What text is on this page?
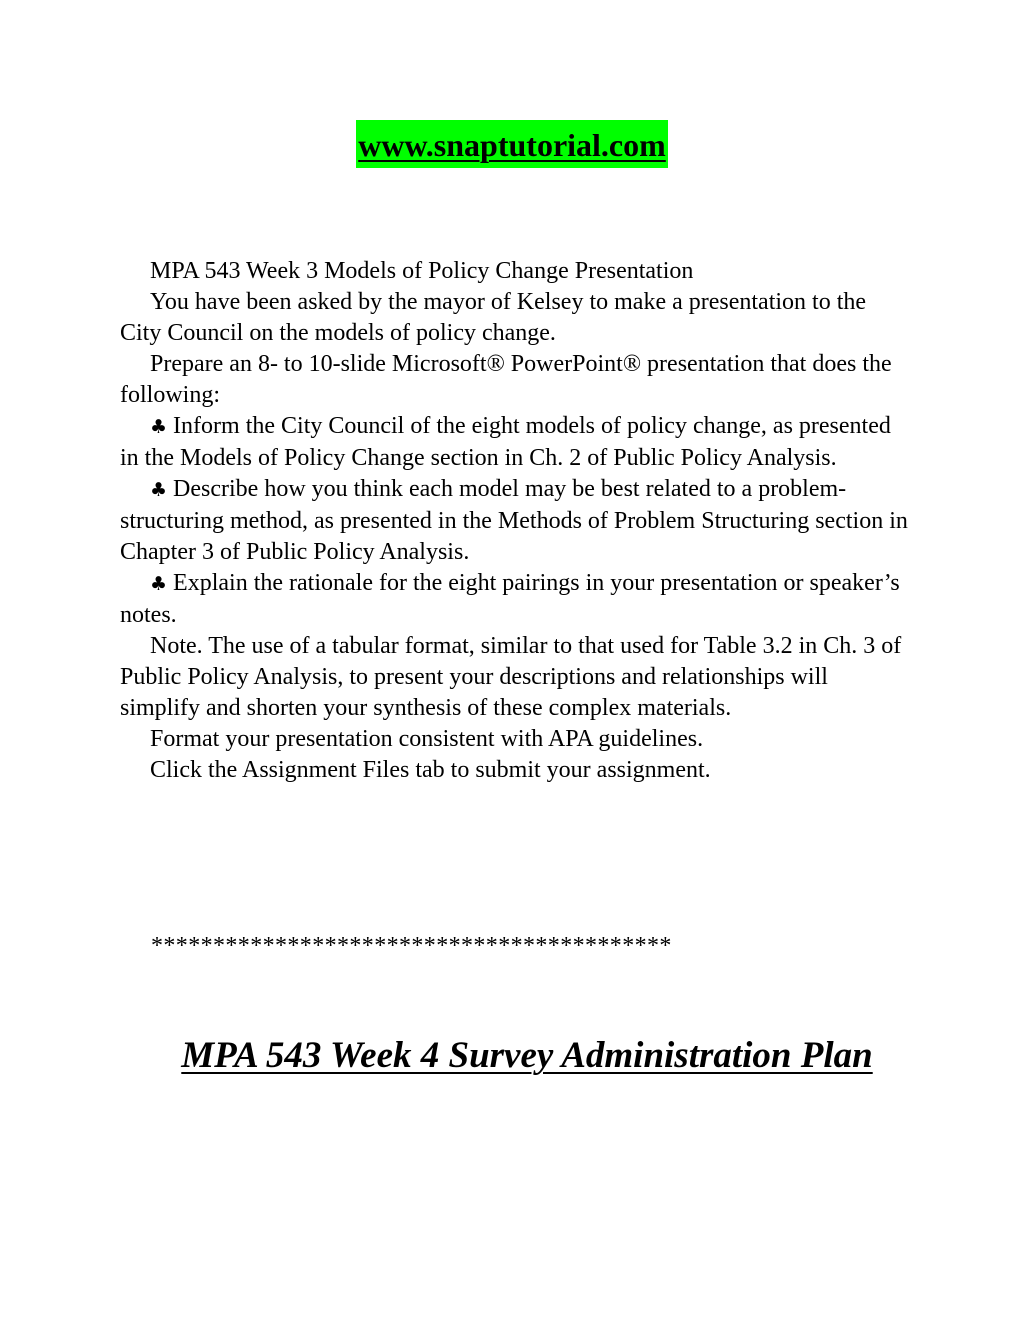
www.snaptutorial.com

MPA 543 Week 3 Models of Policy Change Presentation

You have been asked by the mayor of Kelsey to make a presentation to the City Council on the models of policy change.

Prepare an 8- to 10-slide Microsoft® PowerPoint® presentation that does the following:

♣ Inform the City Council of the eight models of policy change, as presented in the Models of Policy Change section in Ch. 2 of Public Policy Analysis.

♣ Describe how you think each model may be best related to a problem-structuring method, as presented in the Methods of Problem Structuring section in Chapter 3 of Public Policy Analysis.

♣ Explain the rationale for the eight pairings in your presentation or speaker’s notes.

Note. The use of a tabular format, similar to that used for Table 3.2 in Ch. 3 of Public Policy Analysis, to present your descriptions and relationships will simplify and shorten your synthesis of these complex materials.

Format your presentation consistent with APA guidelines.

Click the Assignment Files tab to submit your assignment.

******************************************
MPA 543 Week 4 Survey Administration Plan
